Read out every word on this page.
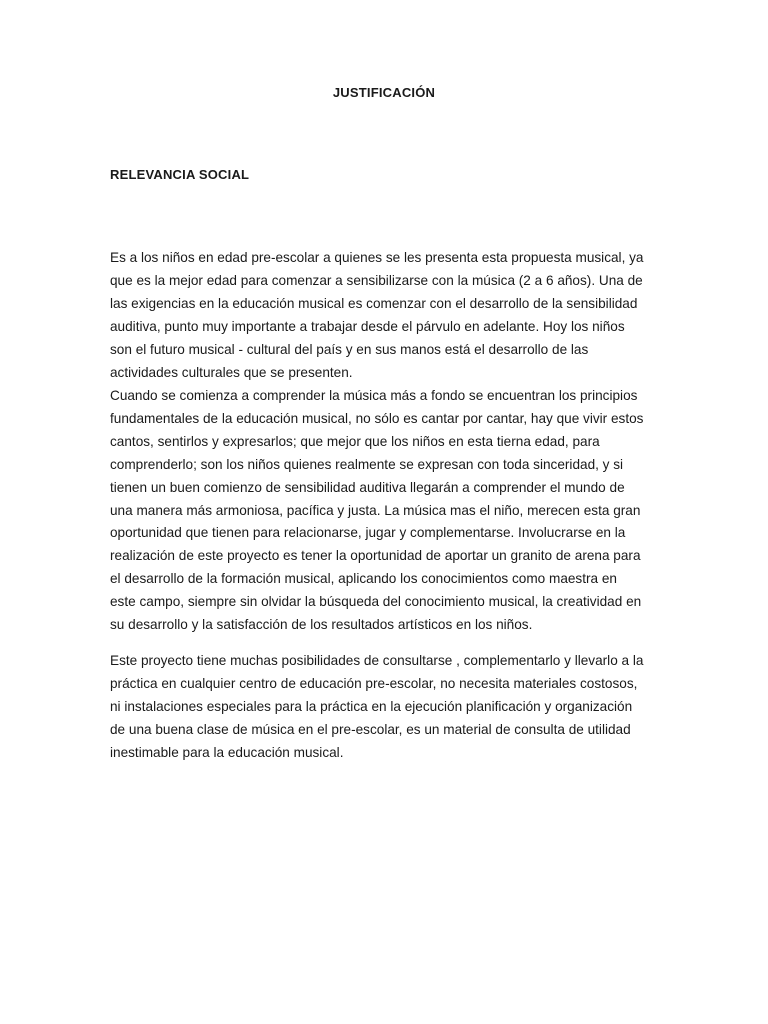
JUSTIFICACIÓN
RELEVANCIA SOCIAL

Es a los niños en edad pre-escolar a quienes se les presenta esta propuesta musical, ya
que es la mejor edad para comenzar a sensibilizarse con la música (2 a 6 años). Una de
las exigencias en la educación musical es comenzar con el desarrollo de la sensibilidad
auditiva, punto muy importante a trabajar desde el párvulo en adelante. Hoy los niños
son el futuro musical - cultural del país y en sus manos está el desarrollo de las
actividades culturales que se presenten.

Cuando se comienza a comprender la música más a fondo se encuentran los principios
fundamentales de la educación musical, no sólo es cantar por cantar, hay que vivir estos
cantos, sentirlos y expresarlos; que mejor que los niños en esta tierna edad, para
comprenderlo; son los niños quienes realmente se expresan con toda sinceridad, y si
tienen un buen comienzo de sensibilidad auditiva llegarán a comprender el mundo de
una manera más armoniosa, pacífica y justa. La música mas el niño, merecen esta gran
oportunidad que tienen para relacionarse, jugar y complementarse. Involucrarse en la
realización de este proyecto es tener la oportunidad de aportar un granito de arena para
el desarrollo de la formación musical, aplicando los conocimientos como maestra en
este campo, siempre sin olvidar la búsqueda del conocimiento musical, la creatividad en
su desarrollo y la satisfacción de los resultados artísticos en los niños.

Este proyecto tiene muchas posibilidades de consultarse , complementarlo y llevarlo a la
práctica en cualquier centro de educación pre-escolar, no necesita materiales costosos,
ni instalaciones especiales para la práctica en la ejecución planificación y organización
de una buena clase de música en el pre-escolar, es un material de consulta de utilidad
inestimable para la educación musical.
